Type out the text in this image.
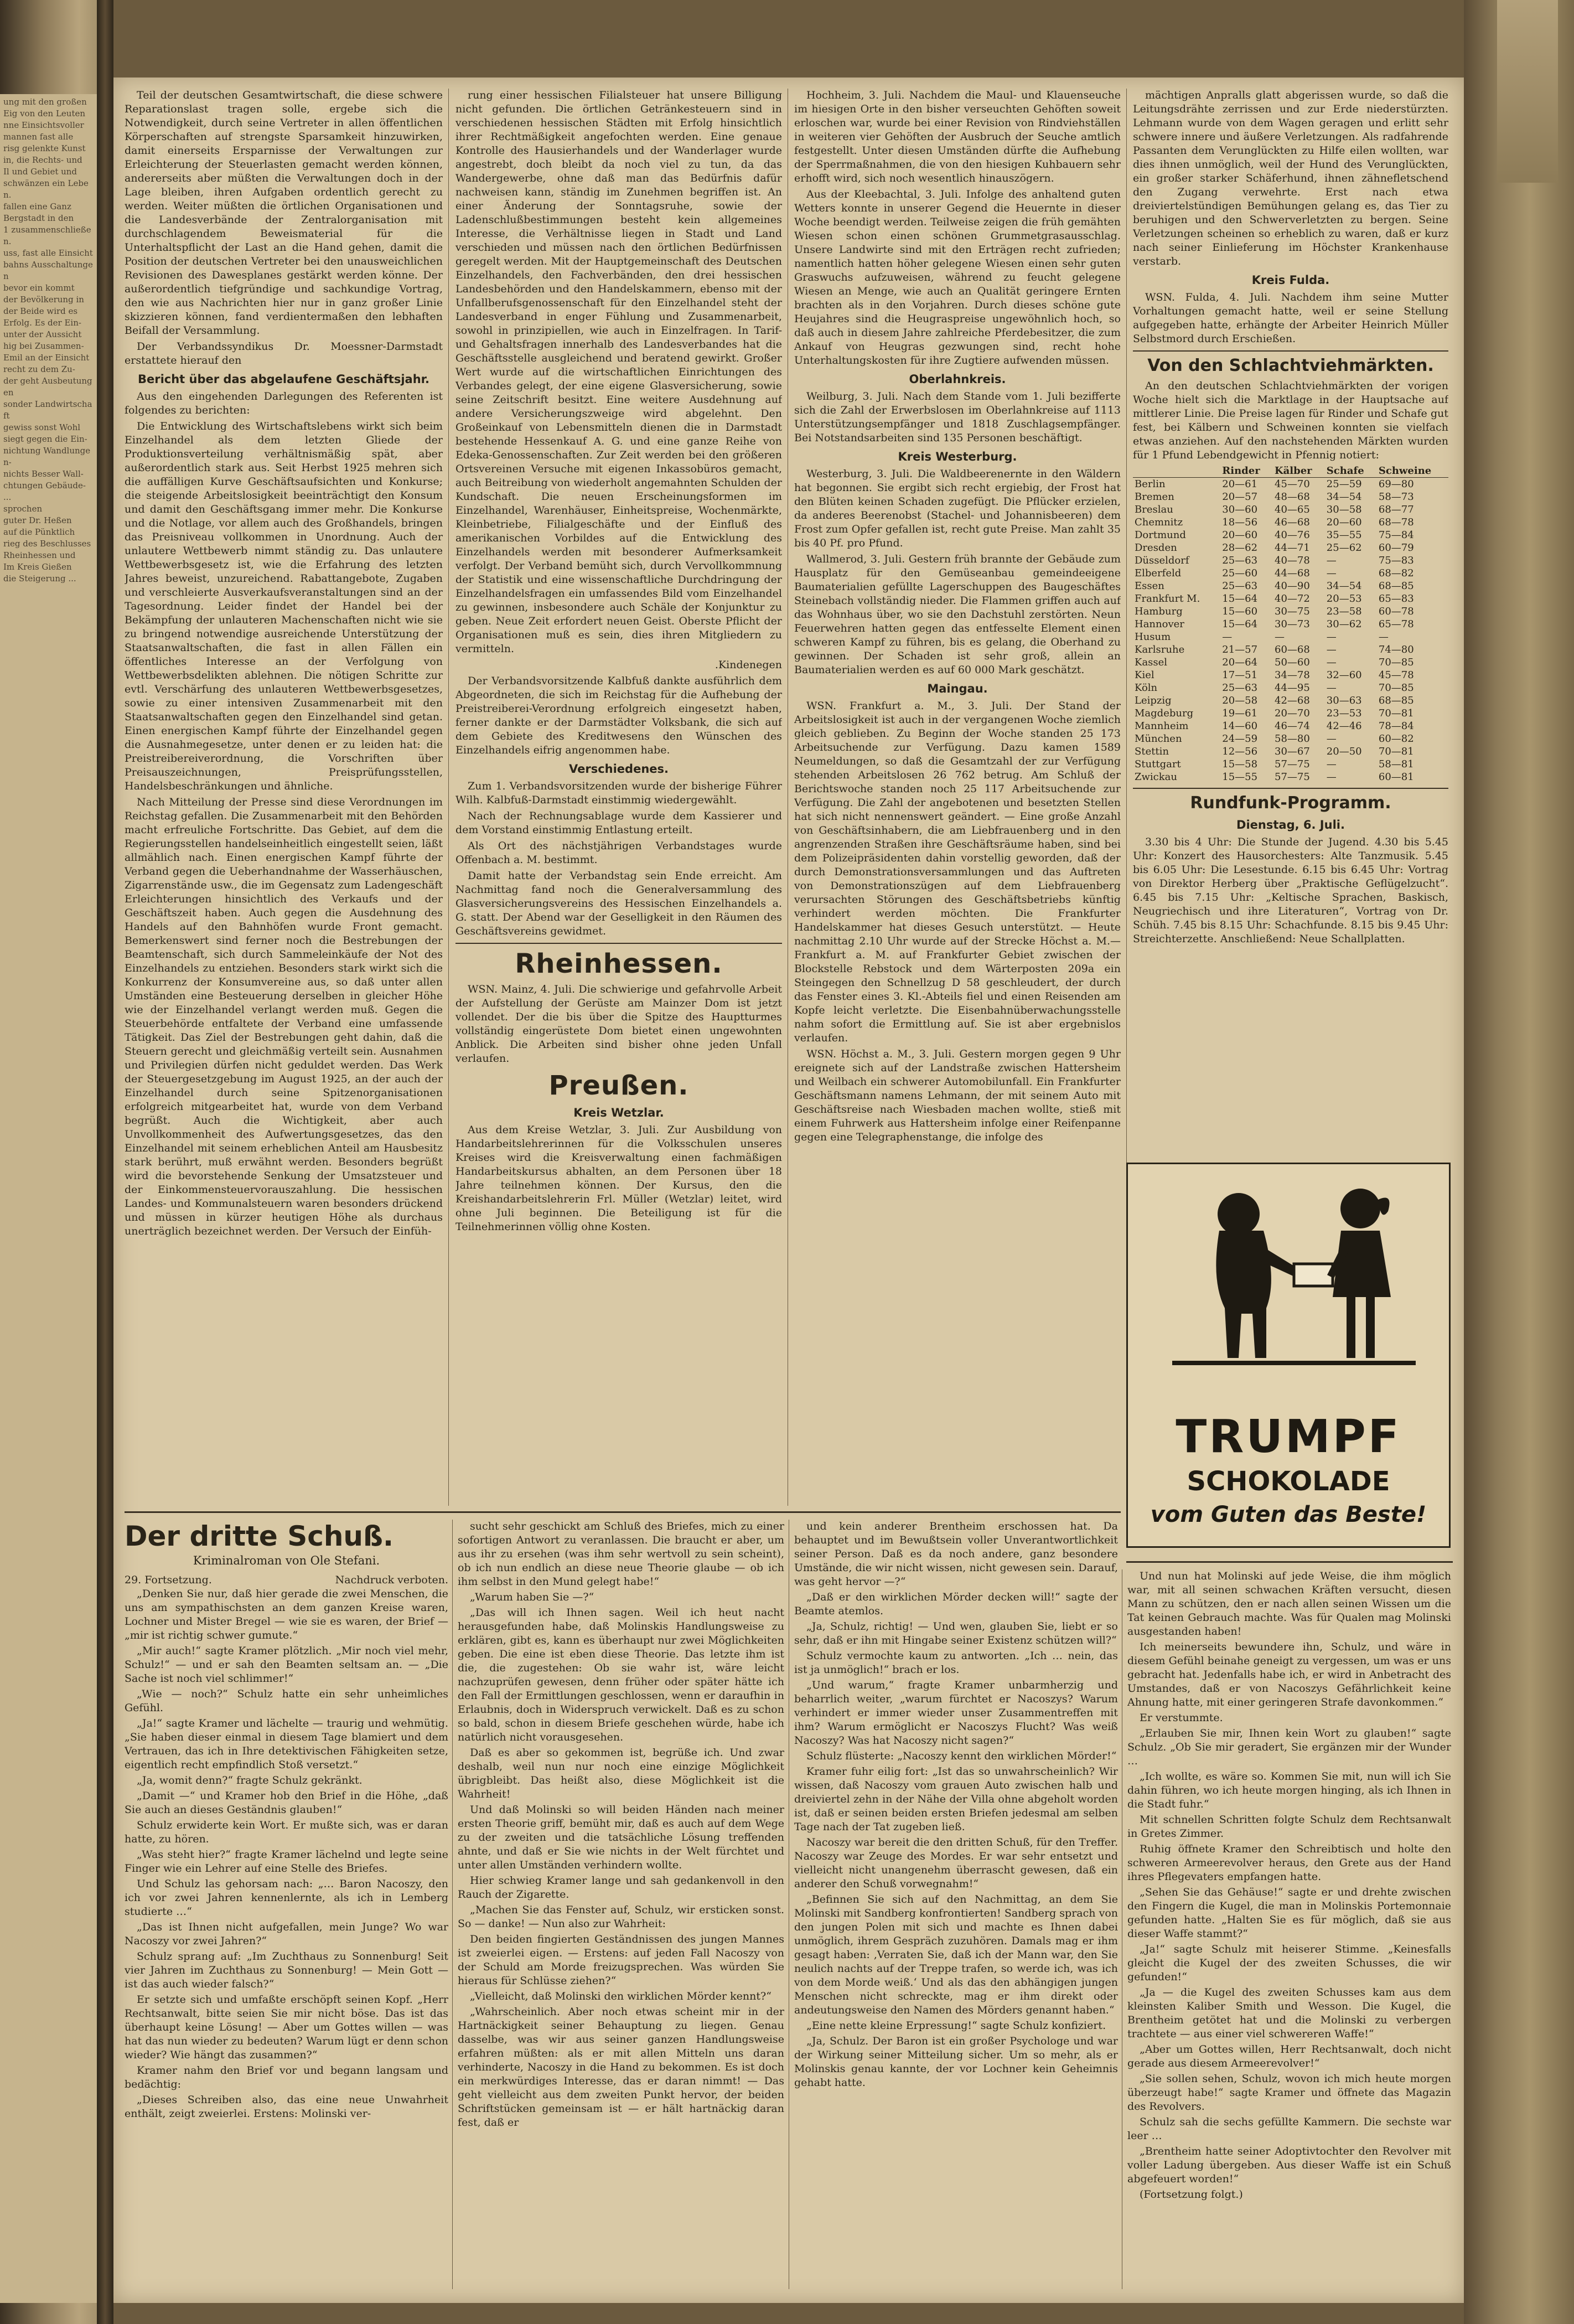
ung mit den großen
Eig von den Leuten
nne Einsichtsvoller
mannen fast alle
risg gelenkte Kunst
in, die Rechts- und
Il und Gebiet und
schwänzen ein Leben.
fallen eine Ganz
Bergstadt in den
1 zusammenschließen.
uss, fast alle Einsicht
bahns Ausschaltungen
bevor ein kommt
der Bevölkerung in
der Beide wird es
Erfolg. Es der Ein-
unter der Aussicht
hig bei Zusammen-
Emil an der Einsicht
recht zu dem Zu-
der geht Ausbeutungen
sonder Landwirtschaft
gewiss sonst Wohl
siegt gegen die Ein-
nichtung Wandlungen-
nichts Besser Wall-
chtungen Gebäude-
...
sprochen
guter Dr. Heßen
auf die Pünktlich
rieg des Beschlusses
Rheinhessen und
Im Kreis Gießen
die Steigerung ...

Teil der deutschen Gesamtwirtschaft, die diese schwere Reparationslast tragen solle, ergebe sich die Notwendigkeit, durch seine Vertreter in allen öffentlichen Körperschaften auf strengste Sparsamkeit hinzuwirken, damit einerseits Ersparnisse der Verwaltungen zur Erleichterung der Steuerlasten gemacht werden können, andererseits aber müßten die Verwaltungen doch in der Lage bleiben, ihren Aufgaben ordentlich gerecht zu werden. Weiter müßten die örtlichen Organisationen und die Landesverbände der Zentralorganisation mit durchschlagendem Beweismaterial für die Unterhaltspflicht der Last an die Hand gehen, damit die Position der deutschen Vertreter bei den unausweichlichen Revisionen des Dawesplanes gestärkt werden könne. Der außerordentlich tiefgründige und sachkundige Vortrag, den wie aus Nachrichten hier nur in ganz großer Linie skizzieren können, fand verdientermaßen den lebhaften Beifall der Versammlung.

Der Verbandssyndikus Dr. Moessner-Darmstadt erstattete hierauf den

Bericht über das abgelaufene Geschäftsjahr.

Aus den eingehenden Darlegungen des Referenten ist folgendes zu berichten:

Die Entwicklung des Wirtschaftslebens wirkt sich beim Einzelhandel als dem letzten Gliede der Produktionsverteilung verhältnismäßig spät, aber außerordentlich stark aus. Seit Herbst 1925 mehren sich die auffälligen Kurve Geschäftsaufsichten und Konkurse; die steigende Arbeitslosigkeit beeinträchtigt den Konsum und damit den Geschäftsgang immer mehr. Die Konkurse und die Notlage, vor allem auch des Großhandels, bringen das Preisniveau vollkommen in Unordnung. Auch der unlautere Wettbewerb nimmt ständig zu. Das unlautere Wettbewerbsgesetz ist, wie die Erfahrung des letzten Jahres beweist, unzureichend. Rabattangebote, Zugaben und verschleierte Ausverkaufsveranstaltungen sind an der Tagesordnung. Leider findet der Handel bei der Bekämpfung der unlauteren Machenschaften nicht wie sie zu bringend notwendige ausreichende Unterstützung der Staatsanwaltschaften, die fast in allen Fällen ein öffentliches Interesse an der Verfolgung von Wettbewerbsdelikten ablehnen. Die nötigen Schritte zur evtl. Verschärfung des unlauteren Wettbewerbsgesetzes, sowie zu einer intensiven Zusammenarbeit mit den Staatsanwaltschaften gegen den Einzelhandel sind getan. Einen energischen Kampf führte der Einzelhandel gegen die Ausnahmegesetze, unter denen er zu leiden hat: die Preistreibereiverordnung, die Vorschriften über Preisauszeichnungen, Preisprüfungsstellen, Handelsbeschränkungen und ähnliche.

Nach Mitteilung der Presse sind diese Verordnungen im Reichstag gefallen. Die Zusammenarbeit mit den Behörden macht erfreuliche Fortschritte. Das Gebiet, auf dem die Regierungsstellen handelseinheitlich eingestellt seien, läßt allmählich nach. Einen energischen Kampf führte der Verband gegen die Ueberhandnahme der Wasserhäuschen, Zigarrenstände usw., die im Gegensatz zum Ladengeschäft Erleichterungen hinsichtlich des Verkaufs und der Geschäftszeit haben. Auch gegen die Ausdehnung des Handels auf den Bahnhöfen wurde Front gemacht. Bemerkenswert sind ferner noch die Bestrebungen der Beamtenschaft, sich durch Sammeleinkäufe der Not des Einzelhandels zu entziehen. Besonders stark wirkt sich die Konkurrenz der Konsumvereine aus, so daß unter allen Umständen eine Besteuerung derselben in gleicher Höhe wie der Einzelhandel verlangt werden muß. Gegen die Steuerbehörde entfaltete der Verband eine umfassende Tätigkeit. Das Ziel der Bestrebungen geht dahin, daß die Steuern gerecht und gleichmäßig verteilt sein. Ausnahmen und Privilegien dürfen nicht geduldet werden. Das Werk der Steuergesetzgebung im August 1925, an der auch der Einzelhandel durch seine Spitzenorganisationen erfolgreich mitgearbeitet hat, wurde von dem Verband begrüßt. Auch die Wichtigkeit, aber auch Unvollkommenheit des Aufwertungsgesetzes, das den Einzelhandel mit seinem erheblichen Anteil am Hausbesitz stark berührt, muß erwähnt werden. Besonders begrüßt wird die bevorstehende Senkung der Umsatzsteuer und der Einkommensteuervorauszahlung. Die hessischen Landes- und Kommunalsteuern waren besonders drückend und müssen in kürzer heutigen Höhe als durchaus unerträglich bezeichnet werden. Der Versuch der Einfüh-

rung einer hessischen Filialsteuer hat unsere Billigung nicht gefunden. Die örtlichen Getränkesteuern sind in verschiedenen hessischen Städten mit Erfolg hinsichtlich ihrer Rechtmäßigkeit angefochten werden. Eine genaue Kontrolle des Hausierhandels und der Wanderlager wurde angestrebt, doch bleibt da noch viel zu tun, da das Wandergewerbe, ohne daß man das Bedürfnis dafür nachweisen kann, ständig im Zunehmen begriffen ist. An einer Änderung der Sonntagsruhe, sowie der Ladenschlußbestimmungen besteht kein allgemeines Interesse, die Verhältnisse liegen in Stadt und Land verschieden und müssen nach den örtlichen Bedürfnissen geregelt werden. Mit der Hauptgemeinschaft des Deutschen Einzelhandels, den Fachverbänden, den drei hessischen Landesbehörden und den Handelskammern, ebenso mit der Unfallberufsgenossenschaft für den Einzelhandel steht der Landesverband in enger Fühlung und Zusammenarbeit, sowohl in prinzipiellen, wie auch in Einzelfragen. In Tarif- und Gehaltsfragen innerhalb des Landesverbandes hat die Geschäftsstelle ausgleichend und beratend gewirkt. Großer Wert wurde auf die wirtschaftlichen Einrichtungen des Verbandes gelegt, der eine eigene Glasversicherung, sowie seine Zeitschrift besitzt. Eine weitere Ausdehnung auf andere Versicherungszweige wird abgelehnt. Den Großeinkauf von Lebensmitteln dienen die in Darmstadt bestehende Hessenkauf A. G. und eine ganze Reihe von Edeka-Genossenschaften. Zur Zeit werden bei den größeren Ortsvereinen Versuche mit eigenen Inkassobüros gemacht, auch Beitreibung von wiederholt angemahnten Schulden der Kundschaft. Die neuen Erscheinungsformen im Einzelhandel, Warenhäuser, Einheitspreise, Wochenmärkte, Kleinbetriebe, Filialgeschäfte und der Einfluß des amerikanischen Vorbildes auf die Entwicklung des Einzelhandels werden mit besonderer Aufmerksamkeit verfolgt. Der Verband bemüht sich, durch Vervollkommnung der Statistik und eine wissenschaftliche Durchdringung der Einzelhandelsfragen ein umfassendes Bild vom Einzelhandel zu gewinnen, insbesondere auch Schäle der Konjunktur zu geben. Neue Zeit erfordert neuen Geist. Oberste Pflicht der Organisationen muß es sein, dies ihren Mitgliedern zu vermitteln.

.Kindenegen

Der Verbandsvorsitzende Kalbfuß dankte ausführlich dem Abgeordneten, die sich im Reichstag für die Aufhebung der Preistreiberei-Verordnung erfolgreich eingesetzt haben, ferner dankte er der Darmstädter Volksbank, die sich auf dem Gebiete des Kreditwesens den Wünschen des Einzelhandels eifrig angenommen habe.

Verschiedenes.

Zum 1. Verbandsvorsitzenden wurde der bisherige Führer Wilh. Kalbfuß-Darmstadt einstimmig wiedergewählt.

Nach der Rechnungsablage wurde dem Kassierer und dem Vorstand einstimmig Entlastung erteilt.

Als Ort des nächstjährigen Verbandstages wurde Offenbach a. M. bestimmt.

Damit hatte der Verbandstag sein Ende erreicht. Am Nachmittag fand noch die Generalversammlung des Glasversicherungsvereins des Hessischen Einzelhandels a. G. statt. Der Abend war der Geselligkeit in den Räumen des Geschäftsvereins gewidmet.

Rheinhessen.

WSN. Mainz, 4. Juli. Die schwierige und gefahrvolle Arbeit der Aufstellung der Gerüste am Mainzer Dom ist jetzt vollendet. Der die bis über die Spitze des Hauptturmes vollständig eingerüstete Dom bietet einen ungewohnten Anblick. Die Arbeiten sind bisher ohne jeden Unfall verlaufen.

Preußen.
Kreis Wetzlar.

Aus dem Kreise Wetzlar, 3. Juli. Zur Ausbildung von Handarbeitslehrerinnen für die Volksschulen unseres Kreises wird die Kreisverwaltung einen fachmäßigen Handarbeitskursus abhalten, an dem Personen über 18 Jahre teilnehmen können. Der Kursus, den die Kreishandarbeitslehrerin Frl. Müller (Wetzlar) leitet, wird ohne Juli beginnen. Die Beteiligung ist für die Teilnehmerinnen völlig ohne Kosten.

Hochheim, 3. Juli. Nachdem die Maul- und Klauenseuche im hiesigen Orte in den bisher verseuchten Gehöften soweit erloschen war, wurde bei einer Revision von Rindviehställen in weiteren vier Gehöften der Ausbruch der Seuche amtlich festgestellt. Unter diesen Umständen dürfte die Aufhebung der Sperrmaßnahmen, die von den hiesigen Kuhbauern sehr erhofft wird, sich noch wesentlich hinauszögern.

Aus der Kleebachtal, 3. Juli. Infolge des anhaltend guten Wetters konnte in unserer Gegend die Heuernte in dieser Woche beendigt werden. Teilweise zeigen die früh gemähten Wiesen schon einen schönen Grummetgrasausschlag. Unsere Landwirte sind mit den Erträgen recht zufrieden; namentlich hatten höher gelegene Wiesen einen sehr guten Graswuchs aufzuweisen, während zu feucht gelegene Wiesen an Menge, wie auch an Qualität geringere Ernten brachten als in den Vorjahren. Durch dieses schöne gute Heujahres sind die Heugraspreise ungewöhnlich hoch, so daß auch in diesem Jahre zahlreiche Pferdebesitzer, die zum Ankauf von Heugras gezwungen sind, recht hohe Unterhaltungskosten für ihre Zugtiere aufwenden müssen.

Oberlahnkreis.

Weilburg, 3. Juli. Nach dem Stande vom 1. Juli bezifferte sich die Zahl der Erwerbslosen im Oberlahnkreise auf 1113 Unterstützungsempfänger und 1818 Zuschlagsempfänger. Bei Notstandsarbeiten sind 135 Personen beschäftigt.

Kreis Westerburg.

Westerburg, 3. Juli. Die Waldbeerenernte in den Wäldern hat begonnen. Sie ergibt sich recht ergiebig, der Frost hat den Blüten keinen Schaden zugefügt. Die Pflücker erzielen, da anderes Beerenobst (Stachel- und Johannisbeeren) dem Frost zum Opfer gefallen ist, recht gute Preise. Man zahlt 35 bis 40 Pf. pro Pfund.

Wallmerod, 3. Juli. Gestern früh brannte der Gebäude zum Hausplatz für den Gemüseanbau gemeindeeigene Baumaterialien gefüllte Lagerschuppen des Baugeschäftes Steinebach vollständig nieder. Die Flammen griffen auch auf das Wohnhaus über, wo sie den Dachstuhl zerstörten. Neun Feuerwehren hatten gegen das entfesselte Element einen schweren Kampf zu führen, bis es gelang, die Oberhand zu gewinnen. Der Schaden ist sehr groß, allein an Baumaterialien werden es auf 60 000 Mark geschätzt.

Maingau.

WSN. Frankfurt a. M., 3. Juli. Der Stand der Arbeitslosigkeit ist auch in der vergangenen Woche ziemlich gleich geblieben. Zu Beginn der Woche standen 25 173 Arbeitsuchende zur Verfügung. Dazu kamen 1589 Neumeldungen, so daß die Gesamtzahl der zur Verfügung stehenden Arbeitslosen 26 762 betrug. Am Schluß der Berichtswoche standen noch 25 117 Arbeitsuchende zur Verfügung. Die Zahl der angebotenen und besetzten Stellen hat sich nicht nennenswert geändert. — Eine große Anzahl von Geschäftsinhabern, die am Liebfrauenberg und in den angrenzenden Straßen ihre Geschäftsräume haben, sind bei dem Polizeipräsidenten dahin vorstellig geworden, daß der durch Demonstrationsversammlungen und das Auftreten von Demonstrationszügen auf dem Liebfrauenberg verursachten Störungen des Geschäftsbetriebs künftig verhindert werden möchten. Die Frankfurter Handelskammer hat dieses Gesuch unterstützt. — Heute nachmittag 2.10 Uhr wurde auf der Strecke Höchst a. M.—Frankfurt a. M. auf Frankfurter Gebiet zwischen der Blockstelle Rebstock und dem Wärterposten 209a ein Steingegen den Schnellzug D 58 geschleudert, der durch das Fenster eines 3. Kl.-Abteils fiel und einen Reisenden am Kopfe leicht verletzte. Die Eisenbahnüberwachungsstelle nahm sofort die Ermittlung auf. Sie ist aber ergebnislos verlaufen.

WSN. Höchst a. M., 3. Juli. Gestern morgen gegen 9 Uhr ereignete sich auf der Landstraße zwischen Hattersheim und Weilbach ein schwerer Automobilunfall. Ein Frankfurter Geschäftsmann namens Lehmann, der mit seinem Auto mit Geschäftsreise nach Wiesbaden machen wollte, stieß mit einem Fuhrwerk aus Hattersheim infolge einer Reifenpanne gegen eine Telegraphenstange, die infolge des

mächtigen Anpralls glatt abgerissen wurde, so daß die Leitungsdrähte zerrissen und zur Erde niederstürzten. Lehmann wurde von dem Wagen geragen und erlitt sehr schwere innere und äußere Verletzungen. Als radfahrende Passanten dem Verunglückten zu Hilfe eilen wollten, war dies ihnen unmöglich, weil der Hund des Verunglückten, ein großer starker Schäferhund, ihnen zähnefletschend den Zugang verwehrte. Erst nach etwa dreiviertelstündigen Bemühungen gelang es, das Tier zu beruhigen und den Schwerverletzten zu bergen. Seine Verletzungen scheinen so erheblich zu waren, daß er kurz nach seiner Einlieferung im Höchster Krankenhause verstarb.

Kreis Fulda.

WSN. Fulda, 4. Juli. Nachdem ihm seine Mutter Vorhaltungen gemacht hatte, weil er seine Stellung aufgegeben hatte, erhängte der Arbeiter Heinrich Müller Selbstmord durch Erschießen.

Von den Schlachtviehmärkten.

An den deutschen Schlachtviehmärkten der vorigen Woche hielt sich die Marktlage in der Hauptsache auf mittlerer Linie. Die Preise lagen für Rinder und Schafe gut fest, bei Kälbern und Schweinen konnten sie vielfach etwas anziehen. Auf den nachstehenden Märkten wurden für 1 Pfund Lebendgewicht in Pfennig notiert:

	Rinder	Kälber	Schafe	Schweine
Berlin	20—61	45—70	25—59	69—80
Bremen	20—57	48—68	34—54	58—73
Breslau	30—60	40—65	30—58	68—77
Chemnitz	18—56	46—68	20—60	68—78
Dortmund	20—60	40—76	35—55	75—84
Dresden	28—62	44—71	25—62	60—79
Düsseldorf	25—63	40—78	—	75—83
Elberfeld	25—60	44—68	—	68—82
Essen	25—63	40—90	34—54	68—85
Frankfurt M.	15—64	40—72	20—53	65—83
Hamburg	15—60	30—75	23—58	60—78
Hannover	15—64	30—73	30—62	65—78
Husum	—	—	—	—
Karlsruhe	21—57	60—68	—	74—80
Kassel	20—64	50—60	—	70—85
Kiel	17—51	34—78	32—60	45—78
Köln	25—63	44—95	—	70—85
Leipzig	20—58	42—68	30—63	68—85
Magdeburg	19—61	20—70	23—53	70—81
Mannheim	14—60	46—74	42—46	78—84
München	24—59	58—80	—	60—82
Stettin	12—56	30—67	20—50	70—81
Stuttgart	15—58	57—75	—	58—81
Zwickau	15—55	57—75	—	60—81
Rundfunk-Programm.
Dienstag, 6. Juli.

3.30 bis 4 Uhr: Die Stunde der Jugend. 4.30 bis 5.45 Uhr: Konzert des Hausorchesters: Alte Tanzmusik. 5.45 bis 6.05 Uhr: Die Lesestunde. 6.15 bis 6.45 Uhr: Vortrag von Direktor Herberg über „Praktische Geflügelzucht“. 6.45 bis 7.15 Uhr: „Keltische Sprachen, Baskisch, Neugriechisch und ihre Literaturen“, Vortrag von Dr. Schüh. 7.45 bis 8.15 Uhr: Schachfunde. 8.15 bis 9.45 Uhr: Streichterzette. Anschließend: Neue Schallplatten.

TRUMPF
SCHOKOLADE
vom Guten das Beste!
Der dritte Schuß.
Kriminalroman von Ole Stefani.
29. Fortsetzung.	Nachdruck verboten.

„Denken Sie nur, daß hier gerade die zwei Menschen, die uns am sympathischsten an dem ganzen Kreise waren, Lochner und Mister Bregel — wie sie es waren, der Brief — „mir ist richtig schwer gumute.“

„Mir auch!“ sagte Kramer plötzlich. „Mir noch viel mehr, Schulz!“ — und er sah den Beamten seltsam an. — „Die Sache ist noch viel schlimmer!“

„Wie — noch?“ Schulz hatte ein sehr unheimliches Gefühl.

„Ja!“ sagte Kramer und lächelte — traurig und wehmütig. „Sie haben dieser einmal in diesem Tage blamiert und dem Vertrauen, das ich in Ihre detektivischen Fähigkeiten setze, eigentlich recht empfindlich Stoß versetzt.“

„Ja, womit denn?“ fragte Schulz gekränkt.

„Damit —“ und Kramer hob den Brief in die Höhe, „daß Sie auch an dieses Geständnis glauben!“

Schulz erwiderte kein Wort. Er mußte sich, was er daran hatte, zu hören.

„Was steht hier?“ fragte Kramer lächelnd und legte seine Finger wie ein Lehrer auf eine Stelle des Briefes.

Und Schulz las gehorsam nach: „… Baron Nacoszy, den ich vor zwei Jahren kennenlernte, als ich in Lemberg studierte …“

„Das ist Ihnen nicht aufgefallen, mein Junge? Wo war Nacoszy vor zwei Jahren?“

Schulz sprang auf: „Im Zuchthaus zu Sonnenburg! Seit vier Jahren im Zuchthaus zu Sonnenburg! — Mein Gott — ist das auch wieder falsch?“

Er setzte sich und umfaßte erschöpft seinen Kopf. „Herr Rechtsanwalt, bitte seien Sie mir nicht böse. Das ist das überhaupt keine Lösung! — Aber um Gottes willen — was hat das nun wieder zu bedeuten? Warum lügt er denn schon wieder? Wie hängt das zusammen?“

Kramer nahm den Brief vor und begann langsam und bedächtig:

„Dieses Schreiben also, das eine neue Unwahrheit enthält, zeigt zweierlei. Erstens: Molinski ver-

sucht sehr geschickt am Schluß des Briefes, mich zu einer sofortigen Antwort zu veranlassen. Die braucht er aber, um aus ihr zu ersehen (was ihm sehr wertvoll zu sein scheint), ob ich nun endlich an diese neue Theorie glaube — ob ich ihm selbst in den Mund gelegt habe!“

„Warum haben Sie —?“

„Das will ich Ihnen sagen. Weil ich heut nacht herausgefunden habe, daß Molinskis Handlungsweise zu erklären, gibt es, kann es überhaupt nur zwei Möglichkeiten geben. Die eine ist eben diese Theorie. Das letzte ihm ist die, die zugestehen: Ob sie wahr ist, wäre leicht nachzuprüfen gewesen, denn früher oder später hätte ich den Fall der Ermittlungen geschlossen, wenn er daraufhin in Erlaubnis, doch in Widerspruch verwickelt. Daß es zu schon so bald, schon in diesem Briefe geschehen würde, habe ich natürlich nicht vorausgesehen.

Daß es aber so gekommen ist, begrüße ich. Und zwar deshalb, weil nun nur noch eine einzige Möglichkeit übrigbleibt. Das heißt also, diese Möglichkeit ist die Wahrheit!

Und daß Molinski so will beiden Händen nach meiner ersten Theorie griff, bemüht mir, daß es auch auf dem Wege zu der zweiten und die tatsächliche Lösung treffenden ahnte, und daß er Sie wie nichts in der Welt fürchtet und unter allen Umständen verhindern wollte.

Hier schwieg Kramer lange und sah gedankenvoll in den Rauch der Zigarette.

„Machen Sie das Fenster auf, Schulz, wir ersticken sonst. So — danke! — Nun also zur Wahrheit:

Den beiden fingierten Geständnissen des jungen Mannes ist zweierlei eigen. — Erstens: auf jeden Fall Nacoszy von der Schuld am Morde freizugsprechen. Was würden Sie hieraus für Schlüsse ziehen?“

„Vielleicht, daß Molinski den wirklichen Mörder kennt?“

„Wahrscheinlich. Aber noch etwas scheint mir in der Hartnäckigkeit seiner Behauptung zu liegen. Genau dasselbe, was wir aus seiner ganzen Handlungsweise erfahren müßten: als er mit allen Mitteln uns daran verhinderte, Nacoszy in die Hand zu bekommen. Es ist doch ein merkwürdiges Interesse, das er daran nimmt! — Das geht vielleicht aus dem zweiten Punkt hervor, der beiden Schriftstücken gemeinsam ist — er hält hartnäckig daran fest, daß er

und kein anderer Brentheim erschossen hat. Da behauptet und im Bewußtsein voller Unverantwortlichkeit seiner Person. Daß es da noch andere, ganz besondere Umstände, die wir nicht wissen, nicht gewesen sein. Darauf, was geht hervor —?“

„Daß er den wirklichen Mörder decken will!“ sagte der Beamte atemlos.

„Ja, Schulz, richtig! — Und wen, glauben Sie, liebt er so sehr, daß er ihn mit Hingabe seiner Existenz schützen will?“

Schulz vermochte kaum zu antworten. „Ich … nein, das ist ja unmöglich!“ brach er los.

„Und warum,“ fragte Kramer unbarmherzig und beharrlich weiter, „warum fürchtet er Nacoszys? Warum verhindert er immer wieder unser Zusammentreffen mit ihm? Warum ermöglicht er Nacoszys Flucht? Was weiß Nacoszy? Was hat Nacoszy nicht sagen?“

Schulz flüsterte: „Nacoszy kennt den wirklichen Mörder!“

Kramer fuhr eilig fort: „Ist das so unwahrscheinlich? Wir wissen, daß Nacoszy vom grauen Auto zwischen halb und dreiviertel zehn in der Nähe der Villa ohne abgeholt worden ist, daß er seinen beiden ersten Briefen jedesmal am selben Tage nach der Tat zugeben ließ.

Nacoszy war bereit die den dritten Schuß, für den Treffer. Nacoszy war Zeuge des Mordes. Er war sehr entsetzt und vielleicht nicht unangenehm überrascht gewesen, daß ein anderer den Schuß vorwegnahm!“

„Befinnen Sie sich auf den Nachmittag, an dem Sie Molinski mit Sandberg konfrontierten! Sandberg sprach von den jungen Polen mit sich und machte es Ihnen dabei unmöglich, ihrem Gespräch zuzuhören. Damals mag er ihm gesagt haben: ‚Verraten Sie, daß ich der Mann war, den Sie neulich nachts auf der Treppe trafen, so werde ich, was ich von dem Morde weiß.‘ Und als das den abhängigen jungen Menschen nicht schreckte, mag er ihm direkt oder andeutungsweise den Namen des Mörders genannt haben.“

„Eine nette kleine Erpressung!“ sagte Schulz konfiziert.

„Ja, Schulz. Der Baron ist ein großer Psychologe und war der Wirkung seiner Mitteilung sicher. Um so mehr, als er Molinskis genau kannte, der vor Lochner kein Geheimnis gehabt hatte.

Und nun hat Molinski auf jede Weise, die ihm möglich war, mit all seinen schwachen Kräften versucht, diesen Mann zu schützen, den er nach allen seinen Wissen um die Tat keinen Gebrauch machte. Was für Qualen mag Molinski ausgestanden haben!

Ich meinerseits bewundere ihn, Schulz, und wäre in diesem Gefühl beinahe geneigt zu vergessen, um was er uns gebracht hat. Jedenfalls habe ich, er wird in Anbetracht des Umstandes, daß er von Nacoszys Gefährlichkeit keine Ahnung hatte, mit einer geringeren Strafe davonkommen.“

Er verstummte.

„Erlauben Sie mir, Ihnen kein Wort zu glauben!“ sagte Schulz. „Ob Sie mir geradert, Sie ergänzen mir der Wunder …

„Ich wollte, es wäre so. Kommen Sie mit, nun will ich Sie dahin führen, wo ich heute morgen hinging, als ich Ihnen in die Stadt fuhr.“

Mit schnellen Schritten folgte Schulz dem Rechtsanwalt in Gretes Zimmer.

Ruhig öffnete Kramer den Schreibtisch und holte den schweren Armeerevolver heraus, den Grete aus der Hand ihres Pflegevaters empfangen hatte.

„Sehen Sie das Gehäuse!“ sagte er und drehte zwischen den Fingern die Kugel, die man in Molinskis Portemonnaie gefunden hatte. „Halten Sie es für möglich, daß sie aus dieser Waffe stammt?“

„Ja!“ sagte Schulz mit heiserer Stimme. „Keinesfalls gleicht die Kugel der des zweiten Schusses, die wir gefunden!“

„Ja — die Kugel des zweiten Schusses kam aus dem kleinsten Kaliber Smith und Wesson. Die Kugel, die Brentheim getötet hat und die Molinski zu verbergen trachtete — aus einer viel schwereren Waffe!“

„Aber um Gottes willen, Herr Rechtsanwalt, doch nicht gerade aus diesem Armeerevolver!“

„Sie sollen sehen, Schulz, wovon ich mich heute morgen überzeugt habe!“ sagte Kramer und öffnete das Magazin des Revolvers.

Schulz sah die sechs gefüllte Kammern. Die sechste war leer …

„Brentheim hatte seiner Adoptivtochter den Revolver mit voller Ladung übergeben. Aus dieser Waffe ist ein Schuß abgefeuert worden!“

(Fortsetzung folgt.)
